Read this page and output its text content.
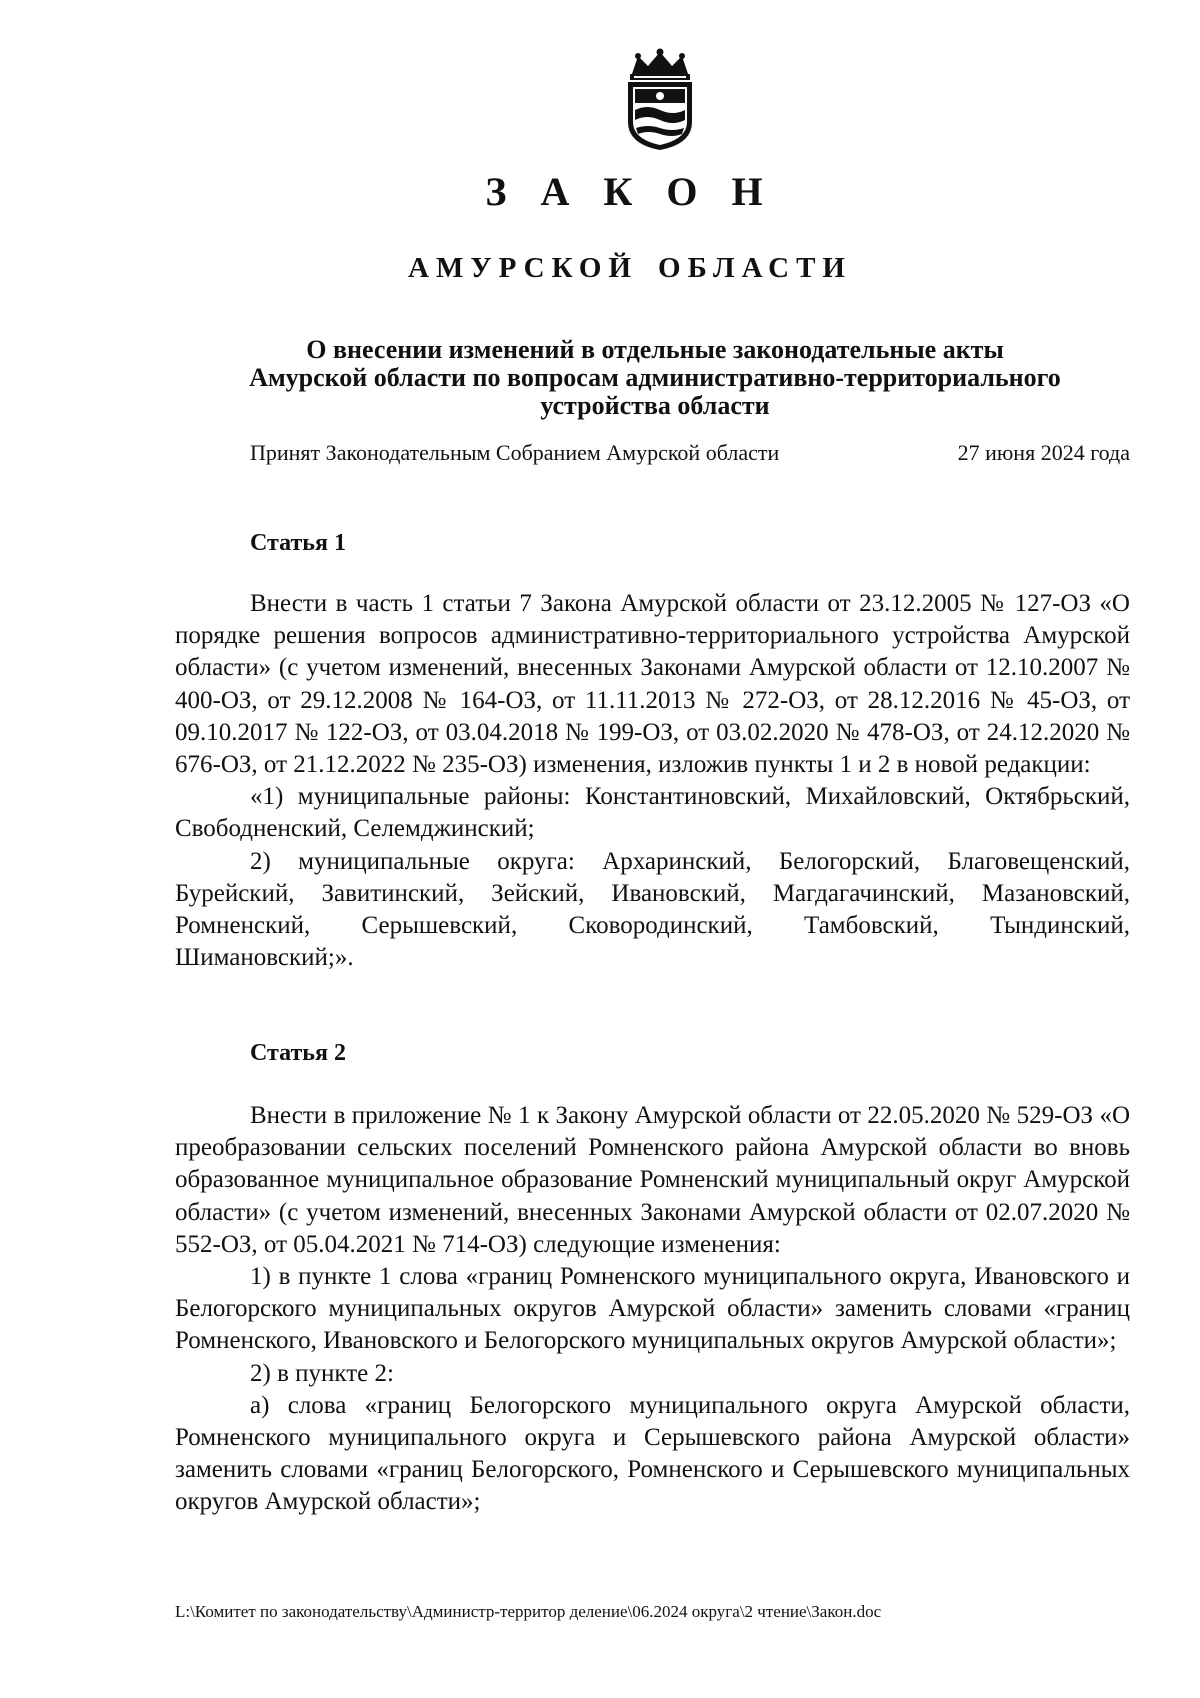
З А К О Н
АМУРСКОЙ ОБЛАСТИ
О внесении изменений в отдельные законодательные акты
Амурской области по вопросам административно-территориального
устройства области
Принят Законодательным Собранием Амурской области	27 июня 2024 года
Статья 1

Внести в часть 1 статьи 7 Закона Амурской области от 23.12.2005 № 127-ОЗ «О порядке решения вопросов административно-территориального устройства Амурской области» (с учетом изменений, внесенных Законами Амурской области от 12.10.2007 № 400-ОЗ, от 29.12.2008 № 164-ОЗ, от 11.11.2013 № 272-ОЗ, от 28.12.2016 № 45-ОЗ, от 09.10.2017 № 122-ОЗ, от 03.04.2018 № 199-ОЗ, от 03.02.2020 № 478-ОЗ, от 24.12.2020 № 676-ОЗ, от 21.12.2022 № 235-ОЗ) изменения, изложив пункты 1 и 2 в новой редакции:

«1) муниципальные районы: Константиновский, Михайловский, Октябрьский, Свободненский, Селемджинский;

2) муниципальные округа: Архаринский, Белогорский, Благовещенский, Бурейский, Завитинский, Зейский, Ивановский, Магдагачинский, Мазановский, Ромненский, Серышевский, Сковородинский, Тамбовский, Тындинский, Шимановский;».

Статья 2

Внести в приложение № 1 к Закону Амурской области от 22.05.2020 № 529-ОЗ «О преобразовании сельских поселений Ромненского района Амурской области во вновь образованное муниципальное образование Ромненский муниципальный округ Амурской области» (с учетом изменений, внесенных Законами Амурской области от 02.07.2020 № 552-ОЗ, от 05.04.2021 № 714-ОЗ) следующие изменения:

1) в пункте 1 слова «границ Ромненского муниципального округа, Ивановского и Белогорского муниципальных округов Амурской области» заменить словами «границ Ромненского, Ивановского и Белогорского муниципальных округов Амурской области»;

2) в пункте 2:

а) слова «границ Белогорского муниципального округа Амурской области, Ромненского муниципального округа и Серышевского района Амурской области» заменить словами «границ Белогорского, Ромненского и Серышевского муниципальных округов Амурской области»;

L:\Комитет по законодательству\Администр-территор деление\06.2024 округа\2 чтение\Закон.doc
